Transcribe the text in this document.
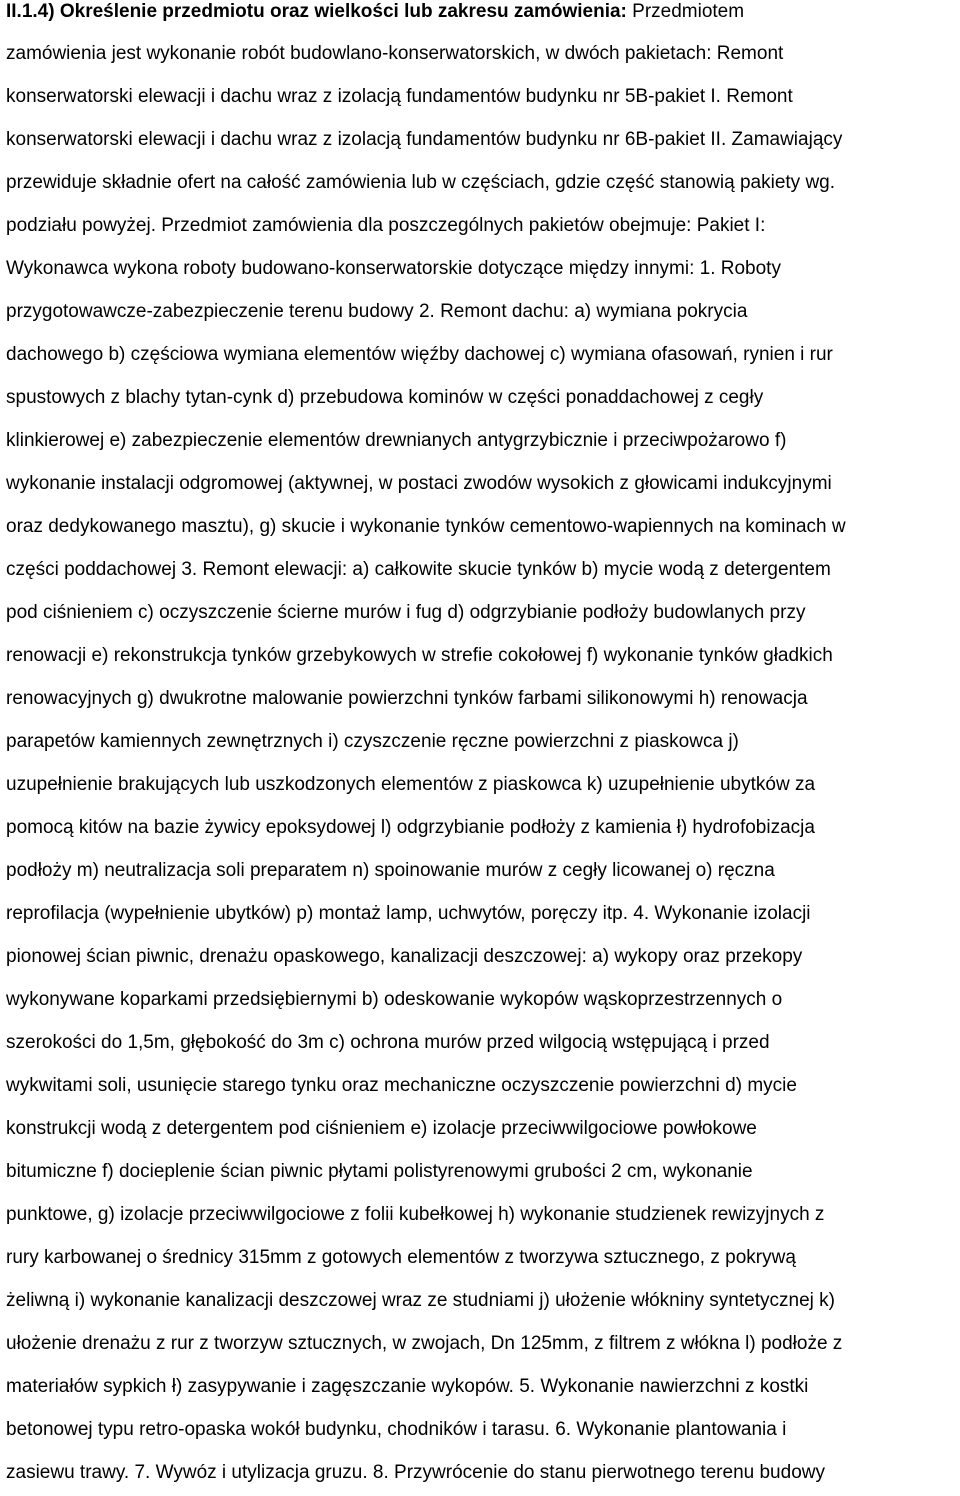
II.1.4) Określenie przedmiotu oraz wielkości lub zakresu zamówienia: Przedmiotem
zamówienia jest wykonanie robót budowlano-konserwatorskich, w dwóch pakietach: Remont
konserwatorski elewacji i dachu wraz z izolacją fundamentów budynku nr 5B-pakiet I. Remont
konserwatorski elewacji i dachu wraz z izolacją fundamentów budynku nr 6B-pakiet II. Zamawiający
przewiduje składnie ofert na całość zamówienia lub w częściach, gdzie część stanowią pakiety wg.
podziału powyżej. Przedmiot zamówienia dla poszczególnych pakietów obejmuje: Pakiet I:
Wykonawca wykona roboty budowano-konserwatorskie dotyczące między innymi: 1. Roboty
przygotowawcze-zabezpieczenie terenu budowy 2. Remont dachu: a) wymiana pokrycia
dachowego b) częściowa wymiana elementów więźby dachowej c) wymiana ofasowań, rynien i rur
spustowych z blachy tytan-cynk d) przebudowa kominów w części ponaddachowej z cegły
klinkierowej e) zabezpieczenie elementów drewnianych antygrzybicznie i przeciwpożarowo f)
wykonanie instalacji odgromowej (aktywnej, w postaci zwodów wysokich z głowicami indukcyjnymi
oraz dedykowanego masztu), g) skucie i wykonanie tynków cementowo-wapiennych na kominach w
części poddachowej 3. Remont elewacji: a) całkowite skucie tynków b) mycie wodą z detergentem
pod ciśnieniem c) oczyszczenie ścierne murów i fug d) odgrzybianie podłoży budowlanych przy
renowacji e) rekonstrukcja tynków grzebykowych w strefie cokołowej f) wykonanie tynków gładkich
renowacyjnych g) dwukrotne malowanie powierzchni tynków farbami silikonowymi h) renowacja
parapetów kamiennych zewnętrznych i) czyszczenie ręczne powierzchni z piaskowca j)
uzupełnienie brakujących lub uszkodzonych elementów z piaskowca k) uzupełnienie ubytków za
pomocą kitów na bazie żywicy epoksydowej l) odgrzybianie podłoży z kamienia ł) hydrofobizacja
podłoży m) neutralizacja soli preparatem n) spoinowanie murów z cegły licowanej o) ręczna
reprofilacja (wypełnienie ubytków) p) montaż lamp, uchwytów, poręczy itp. 4. Wykonanie izolacji
pionowej ścian piwnic, drenażu opaskowego, kanalizacji deszczowej: a) wykopy oraz przekopy
wykonywane koparkami przedsiębiernymi b) odeskowanie wykopów wąskoprzestrzennych o
szerokości do 1,5m, głębokość do 3m c) ochrona murów przed wilgocią wstępującą i przed
wykwitami soli, usunięcie starego tynku oraz mechaniczne oczyszczenie powierzchni d) mycie
konstrukcji wodą z detergentem pod ciśnieniem e) izolacje przeciwwilgociowe powłokowe
bitumiczne f) docieplenie ścian piwnic płytami polistyrenowymi grubości 2 cm, wykonanie
punktowe, g) izolacje przeciwwilgociowe z folii kubełkowej h) wykonanie studzienek rewizyjnych z
rury karbowanej o średnicy 315mm z gotowych elementów z tworzywa sztucznego, z pokrywą
żeliwną i) wykonanie kanalizacji deszczowej wraz ze studniami j) ułożenie włókniny syntetycznej k)
ułożenie drenażu z rur z tworzyw sztucznych, w zwojach, Dn 125mm, z filtrem z włókna l) podłoże z
materiałów sypkich ł) zasypywanie i zagęszczanie wykopów. 5. Wykonanie nawierzchni z kostki
betonowej typu retro-opaska wokół budynku, chodników i tarasu. 6. Wykonanie plantowania i
zasiewu trawy. 7. Wywóz i utylizacja gruzu. 8. Przywrócenie do stanu pierwotnego terenu budowy
